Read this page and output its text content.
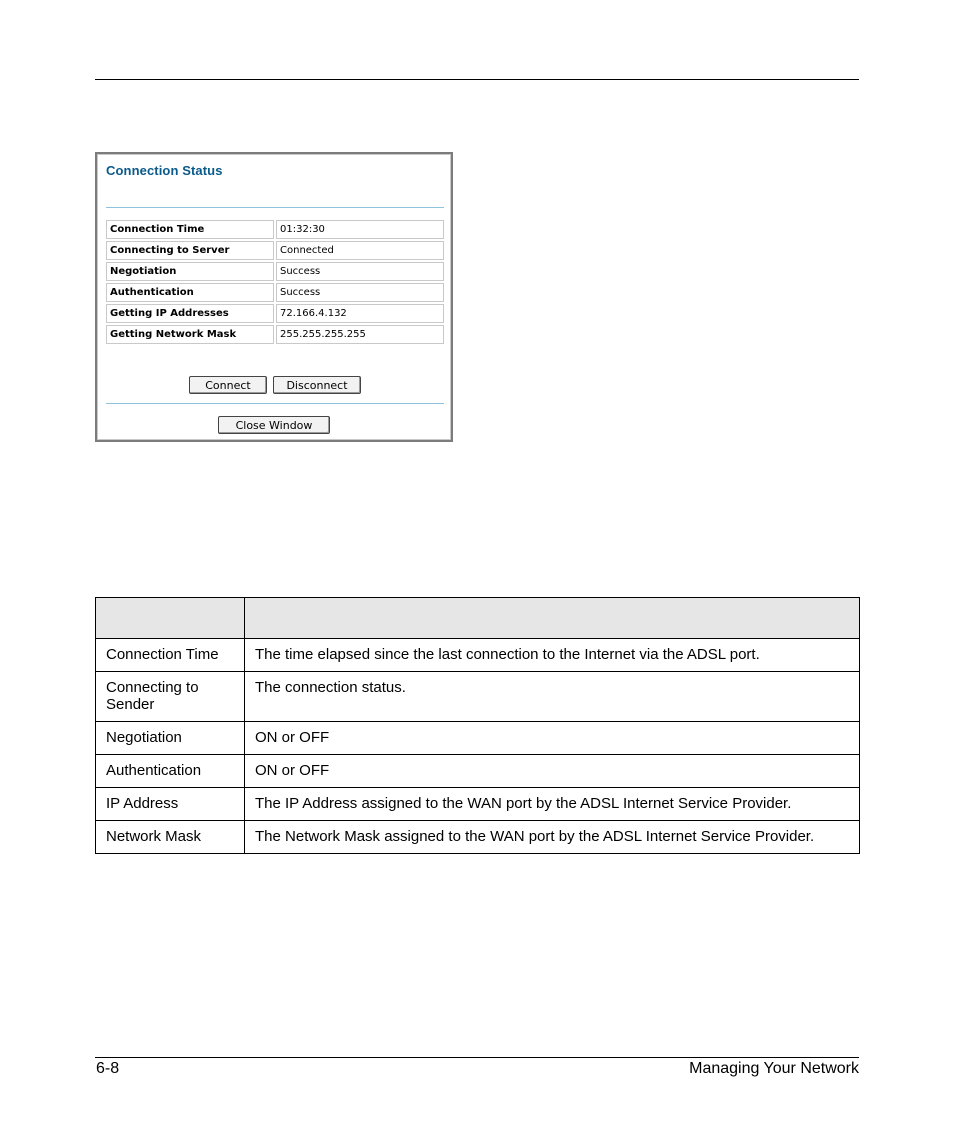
Connection Status
Connection Time	01:32:30
Connecting to Server	Connected
Negotiation	Success
Authentication	Success
Getting IP Addresses	72.166.4.132
Getting Network Mask	255.255.255.255
Connect	Disconnect
Close Window

Connection Time	The time elapsed since the last connection to the Internet via the ADSL port.
Connecting to Sender	The connection status.
Negotiation	ON or OFF
Authentication	ON or OFF
IP Address	The IP Address assigned to the WAN port by the ADSL Internet Service Provider.
Network Mask	The Network Mask assigned to the WAN port by the ADSL Internet Service Provider.
6-8	Managing Your Network
